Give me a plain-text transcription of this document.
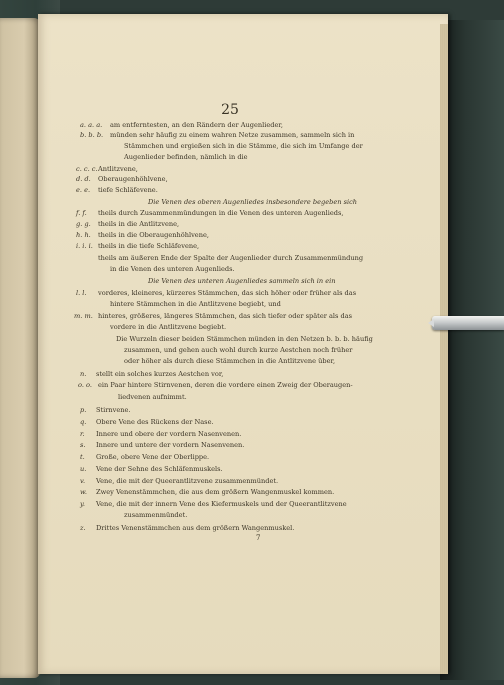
25
a. a. a. am entferntesten, an den Rändern der Augenlieder,
b. b. b. münden sehr häufig zu einem wahren Netze zusammen, sammeln sich in
Stämmchen und ergießen sich in die Stämme, die sich im Umfange der
Augenlieder befinden, nämlich in die
c. c. c. Antlitzvene,
d. d. Oberaugenhöhlvene,
e. e. tiefe Schläfevene.
Die Venen des oberen Augenliedes insbesondere begeben sich
f. f. theils durch Zusammenmündungen in die Venen des unteren Augenlieds,
g. g. theils in die Antlitzvene,
h. h. theils in die Oberaugenhöhlvene,
i. i. i. theils in die tiefe Schläfevene,
theils am äußeren Ende der Spalte der Augenlieder durch Zusammenmündung
in die Venen des unteren Augenlieds.
Die Venen des unteren Augenliedes sammeln sich in ein
l. l. vorderes, kleineres, kürzeres Stämmchen, das sich höher oder früher als das
hintere Stämmchen in die Antlitzvene begiebt, und
m. m. hinteres, größeres, längeres Stämmchen, das sich tiefer oder später als das
vordere in die Antlitzvene begiebt.
Die Wurzeln dieser beiden Stämmchen münden in den Netzen b. b. b. häufig
zusammen, und gehen auch wohl durch kurze Aestchen noch früher
oder höher als durch diese Stämmchen in die Antlitzvene über,
n. stellt ein solches kurzes Aestchen vor,
o. o. ein Paar hintere Stirnvenen, deren die vordere einen Zweig der Oberaugen-
liedvenen aufnimmt.
p. Stirnvene.
q. Obere Vene des Rückens der Nase.
r. Innere und obere der vordern Nasenvenen.
s. Innere und untere der vordern Nasenvenen.
t. Große, obere Vene der Oberlippe.
u. Vene der Sehne des Schläfenmuskels.
v. Vene, die mit der Queerantlitzvene zusammenmündet.
w. Zwey Venenstämmchen, die aus dem größern Wangenmuskel kommen.
y. Vene, die mit der innern Vene des Kiefermuskels und der Queerantlitzvene
zusammenmündet.
z. Drittes Venenstämmchen aus dem größern Wangenmuskel.
7
